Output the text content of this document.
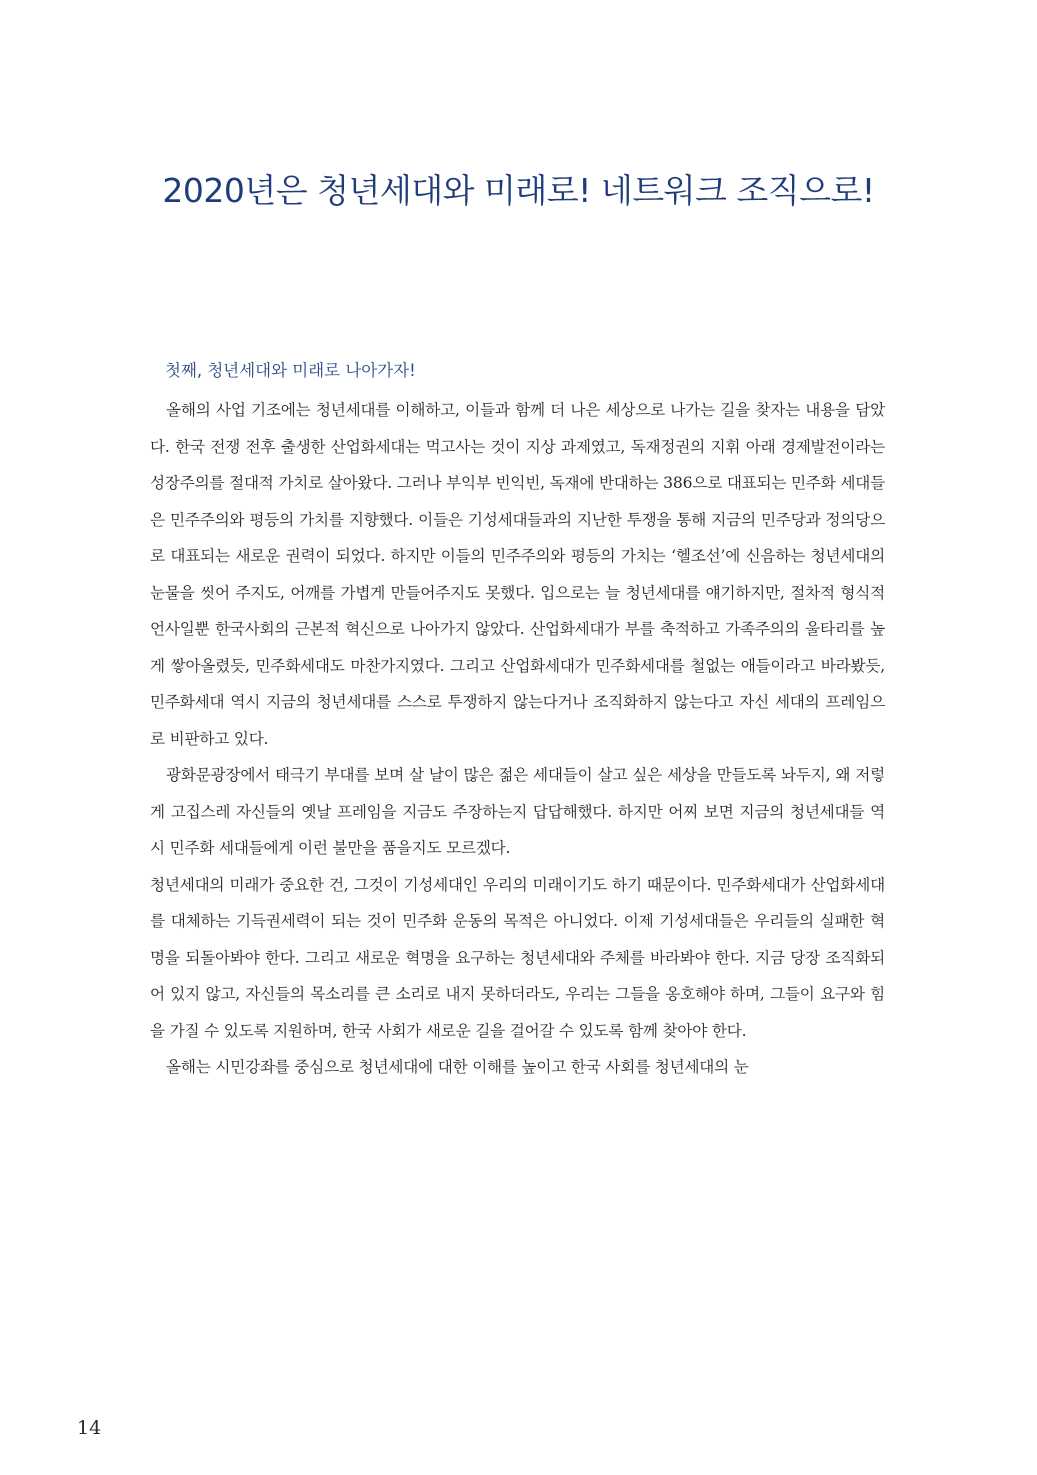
2020년은 청년세대와 미래로! 네트워크 조직으로!
첫째, 청년세대와 미래로 나아가자!

올해의 사업 기조에는 청년세대를 이해하고, 이들과 함께 더 나은 세상으로 나가는 길을 찾자는 내용을 담았다. 한국 전쟁 전후 출생한 산업화세대는 먹고사는 것이 지상 과제였고, 독재정권의 지휘 아래 경제발전이라는 성장주의를 절대적 가치로 살아왔다. 그러나 부익부 빈익빈, 독재에 반대하는 386으로 대표되는 민주화 세대들은 민주주의와 평등의 가치를 지향했다. 이들은 기성세대들과의 지난한 투쟁을 통해 지금의 민주당과 정의당으로 대표되는 새로운 권력이 되었다. 하지만 이들의 민주주의와 평등의 가치는 ‘헬조선’에 신음하는 청년세대의 눈물을 씻어 주지도, 어깨를 가볍게 만들어주지도 못했다. 입으로는 늘 청년세대를 얘기하지만, 절차적 형식적 언사일뿐 한국사회의 근본적 혁신으로 나아가지 않았다. 산업화세대가 부를 축적하고 가족주의의 울타리를 높게 쌓아올렸듯, 민주화세대도 마찬가지였다. 그리고 산업화세대가 민주화세대를 철없는 애들이라고 바라봤듯, 민주화세대 역시 지금의 청년세대를 스스로 투쟁하지 않는다거나 조직화하지 않는다고 자신 세대의 프레임으로 비판하고 있다.

광화문광장에서 태극기 부대를 보며 살 날이 많은 젊은 세대들이 살고 싶은 세상을 만들도록 놔두지, 왜 저렇게 고집스레 자신들의 옛날 프레임을 지금도 주장하는지 답답해했다. 하지만 어찌 보면 지금의 청년세대들 역시 민주화 세대들에게 이런 불만을 품을지도 모르겠다.

청년세대의 미래가 중요한 건, 그것이 기성세대인 우리의 미래이기도 하기 때문이다. 민주화세대가 산업화세대를 대체하는 기득권세력이 되는 것이 민주화 운동의 목적은 아니었다. 이제 기성세대들은 우리들의 실패한 혁명을 되돌아봐야 한다. 그리고 새로운 혁명을 요구하는 청년세대와 주체를 바라봐야 한다. 지금 당장 조직화되어 있지 않고, 자신들의 목소리를 큰 소리로 내지 못하더라도, 우리는 그들을 옹호해야 하며, 그들이 요구와 힘을 가질 수 있도록 지원하며, 한국 사회가 새로운 길을 걸어갈 수 있도록 함께 찾아야 한다.

올해는 시민강좌를 중심으로 청년세대에 대한 이해를 높이고 한국 사회를 청년세대의 눈

14
